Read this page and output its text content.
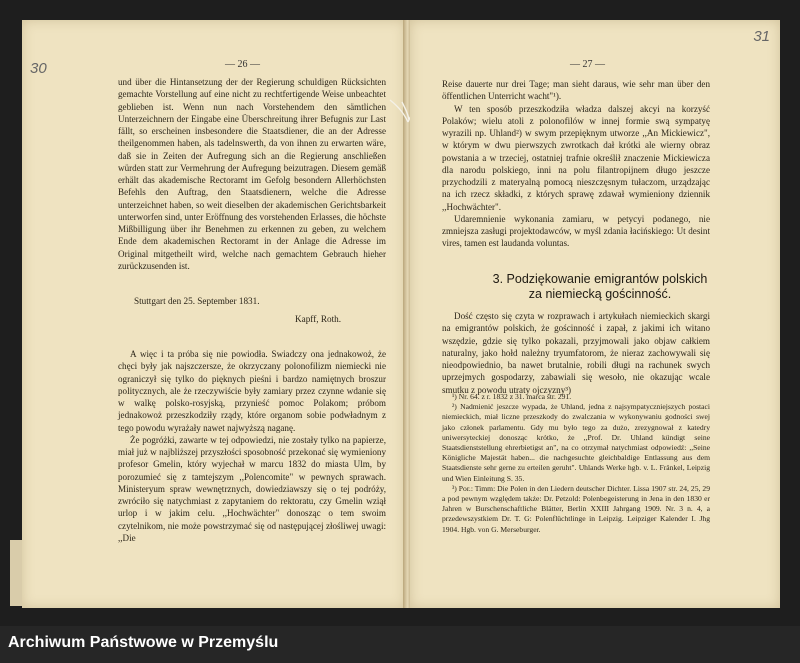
30	— 26 —

und über die Hintansetzung der der Regierung schuldigen Rücksichten gemachte Vorstellung auf eine nicht zu rechtfertigende Weise unbeachtet geblieben ist. Wenn nun nach Vorstehendem den sämtlichen Unterzeichnern der Eingabe eine Überschreitung ihrer Befugnis zur Last fällt, so erscheinen insbesondere die Staatsdiener, die an der Adresse theilgenommen haben, als tadelnswerth, da von ihnen zu erwarten wäre, daß sie in Zeiten der Aufregung sich an die Regierung anschließen würden statt zur Vermehrung der Aufregung beizutragen. Diesem gemäß erhält das akademische Rectoramt im Gefolg besondern Allerhöchsten Befehls den Auftrag, den Staatsdienern, welche die Adresse unterzeichnet haben, so weit dieselben der akademischen Gerichtsbarkeit unterworfen sind, unter Eröffnung des vorstehenden Erlasses, die höchste Mißbilligung über ihr Benehmen zu erkennen zu geben, zu welchem Ende dem akademischen Rectoramt in der Anlage die Adresse im Original mitgetheilt wird, welche nach gemachtem Gebrauch hieher zurückzusenden ist.

Stuttgart den 25. September 1831.
Kapff, Roth.

A więc i ta próba się nie powiodła. Swiadczy ona jednakowoż, że chęci były jak najszczersze, że okrzyczany polonofilizm niemiecki nie ograniczył się tylko do pięknych pieśni i bardzo namiętnych broszur politycznych, ale że rzeczywiście były zamiary przez czynne wdanie się w walkę polsko-rosyjską, przynieść pomoc Polakom; próbom jednakowoż przeszkodziły rządy, które organom sobie podwładnym z tego powodu wyrażały nawet najwyższą naganę.

Że pogróżki, zawarte w tej odpowiedzi, nie zostały tylko na papierze, miał już w najbliższej przyszłości sposobność przekonać się wymieniony profesor Gmelin, który wyjechał w marcu 1832 do miasta Ulm, by porozumieć się z tamtejszym ,,Polencomite" w pewnych sprawach. Ministeryum spraw wewnętrznych, dowiedziawszy się o tej podróży, zwróciło się natychmiast z zapytaniem do rektoratu, czy Gmelin wziął urlop i w jakim celu. ,,Hochwächter" donosząc o tem swoim czytelnikom, nie może powstrzymać się od następującej złośliwej uwagi: ,,Die

31
— 27 —

Reise dauerte nur drei Tage; man sieht daraus, wie sehr man über den öffentlichen Unterricht wacht"¹).

W ten sposób przeszkodziła władza dalszej akcyi na korzyść Polaków; wielu atoli z polonofilów w innej formie swą sympatyę wyrazili np. Uhland²) w swym przepięknym utworze ,,An Mickiewicz", w którym w dwu pierwszych zwrotkach dał krótki ale wierny obraz powstania a w trzeciej, ostatniej trafnie określił znaczenie Mickiewicza dla narodu polskiego, inni na polu filantropijnem długo jeszcze przychodzili z materyalną pomocą nieszczęsnym tułaczom, urządzając na ich rzecz składki, z których sprawę zdawał wymieniony dziennik ,,Hochwächter".

Udaremnienie wykonania zamiaru, w petycyi podanego, nie zmniejsza zasługi projektodawców, w myśl zdania łacińskiego: Ut desint vires, tamen est laudanda voluntas.

3. Podziękowanie emigrantów polskich
za niemiecką gościnność.

Dość często się czyta w rozprawach i artykułach niemieckich skargi na emigrantów polskich, że gościnność i zapał, z jakimi ich witano wszędzie, gdzie się tylko pokazali, przyjmowali jako objaw całkiem naturalny, jako hołd należny tryumfatorom, że nieraz zachowywali się nieodpowiednio, ba nawet brutalnie, robili długi na rachunek swych uprzejmych gospodarzy, zabawiali się wesoło, nie okazując wcale smutku z powodu utraty ojczyzny³)

¹) Nr. 64. z r. 1832 z 31. marca str. 291.

²) Nadmienić jeszcze wypada, że Uhland, jedna z najsympatyczniejszych postaci niemieckich, miał liczne przeszkody do zwalczania w wykonywaniu godności swej jako członek parlamentu. Gdy mu było tego za dużo, zrezygnował z katedry uniwersyteckiej donosząc krótko, że ,,Prof. Dr. Uhland kündigt seine Staatsdienststellung ehrerbietigst an", na co otrzymał natychmiast odpowiedź: ,,Seine Königliche Majestät haben... die nachgesuchte gleichbaldige Entlassung aus dem Staatsdienste sehr gerne zu erteilen geruht". Uhlands Werke hgb. v. L. Fränkel, Leipzig und Wien Einleitung S. 35.

³) Por.: Timm: Die Polen in den Liedern deutscher Dichter. Lissa 1907 str. 24, 25, 29 a pod pewnym względem także: Dr. Petzold: Polenbegeisterung in Jena in den 1830 er Jahren w Burschenschaftliche Blätter, Berlin XXIII Jahrgang 1909. Nr. 3 n. 4, a przedewszystkiem Dr. T. G: Polenflüchtlinge in Leipzig. Leipziger Kalender I. Jhg 1904. Hgb. von G. Merseburger.

Archiwum Państwowe w Przemyślu
